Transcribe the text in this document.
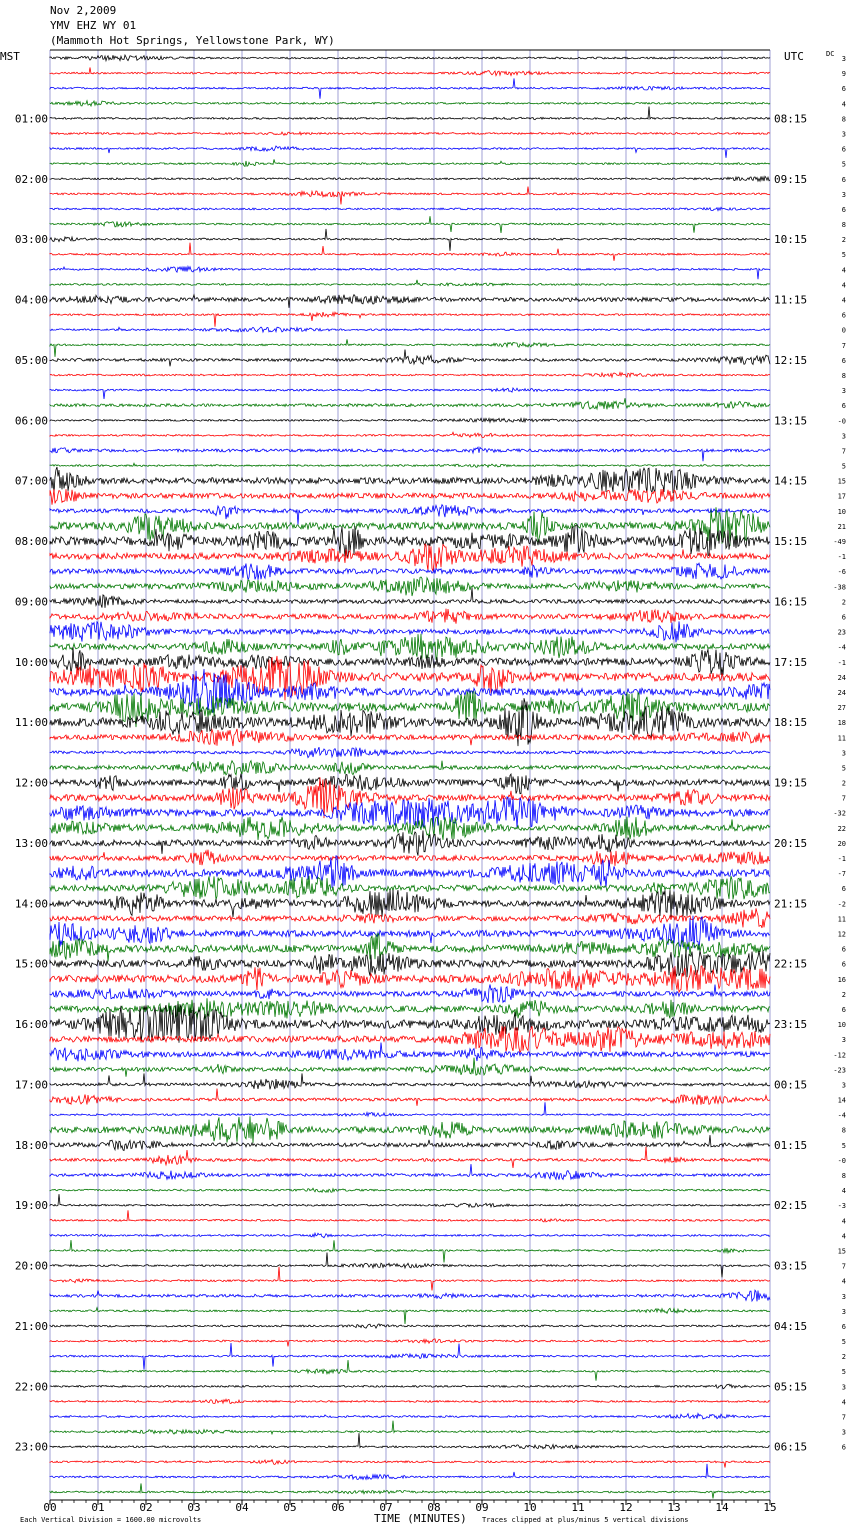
00	01	02	03	04	05	06	07	08	09	10	11	12	13	14	15
01:00
02:00
03:00
04:00
05:00
06:00
07:00
08:00
09:00
10:00
11:00
12:00
13:00
14:00
15:00
16:00
17:00
18:00
19:00
20:00
21:00
22:00
23:00
08:15
09:15
10:15
11:15
12:15
13:15
14:15
15:15
16:15
17:15
18:15
19:15
20:15
21:15
22:15
23:15
00:15
01:15
02:15
03:15
04:15
05:15
06:15
3
9
6
4
8
3
6
5
6
3
6
8
2
5
4
4
4
6
0
7
6
8
3
6
-0
3
7
5
15
17
10
21
-49
-1
-6
-38
2
6
23
-4
-1
24
24
27
18
11
3
5
2
7
-32
22
20
-1
-7
6
-2
11
12
6
6
16
2
6
10
3
-12
-23
3
14
-4
8
5
-0
8
4
-3
4
4
15
7
4
3
3
6
5
2
5
3
4
7
3
6
Nov 2,2009
YMV EHZ WY 01
(Mammoth Hot Springs, Yellowstone Park, WY)
MST	UTC	DC
TIME (MINUTES)
Each Vertical Division = 1600.00 microvolts	Traces clipped at plus/minus 5 vertical divisions
